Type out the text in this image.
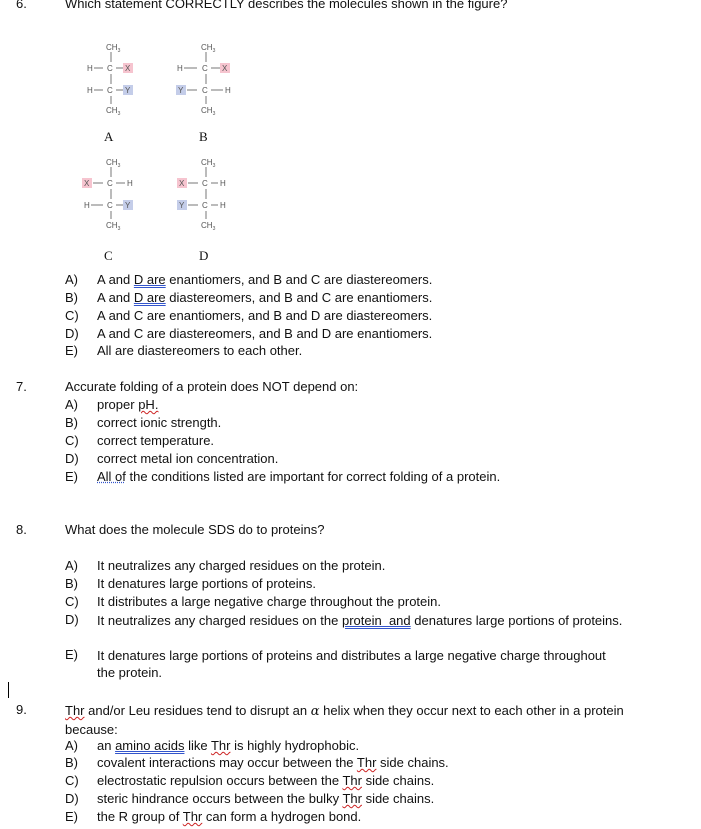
6.	Which statement CORRECTLY describes the molecules shown in the figure?
$CH_3$
H C X
H C Y
$CH_3$
$CH_3$
H C X
Y C H
$CH_3$
$CH_3$
X C H
H C Y
$CH_3$
$CH_3$
X C H
Y C H
$CH_3$
A	B
C	D
A) A and D are enantiomers, and B and C are diastereomers.
B) A and D are diastereomers, and B and C are enantiomers.
C) A and C are enantiomers, and B and D are diastereomers.
D) A and C are diastereomers, and B and D are enantiomers.
E) All are diastereomers to each other.
7.	Accurate folding of a protein does NOT depend on:
A) proper pH.
B) correct ionic strength.
C) correct temperature.
D) correct metal ion concentration.
E) All of the conditions listed are important for correct folding of a protein.
8.	What does the molecule SDS do to proteins?
A) It neutralizes any charged residues on the protein.
B) It denatures large portions of proteins.
C) It distributes a large negative charge throughout the protein.
D) It neutralizes any charged residues on the protein  and denatures large portions of proteins.
E) It denatures large portions of proteins and distributes a large negative charge throughout the protein.
9.	Thr and/or Leu residues tend to disrupt an α helix when they occur next to each other in a protein because:
A) an amino acids like Thr is highly hydrophobic.
B) covalent interactions may occur between the Thr side chains.
C) electrostatic repulsion occurs between the Thr side chains.
D) steric hindrance occurs between the bulky Thr side chains.
E) the R group of Thr can form a hydrogen bond.
